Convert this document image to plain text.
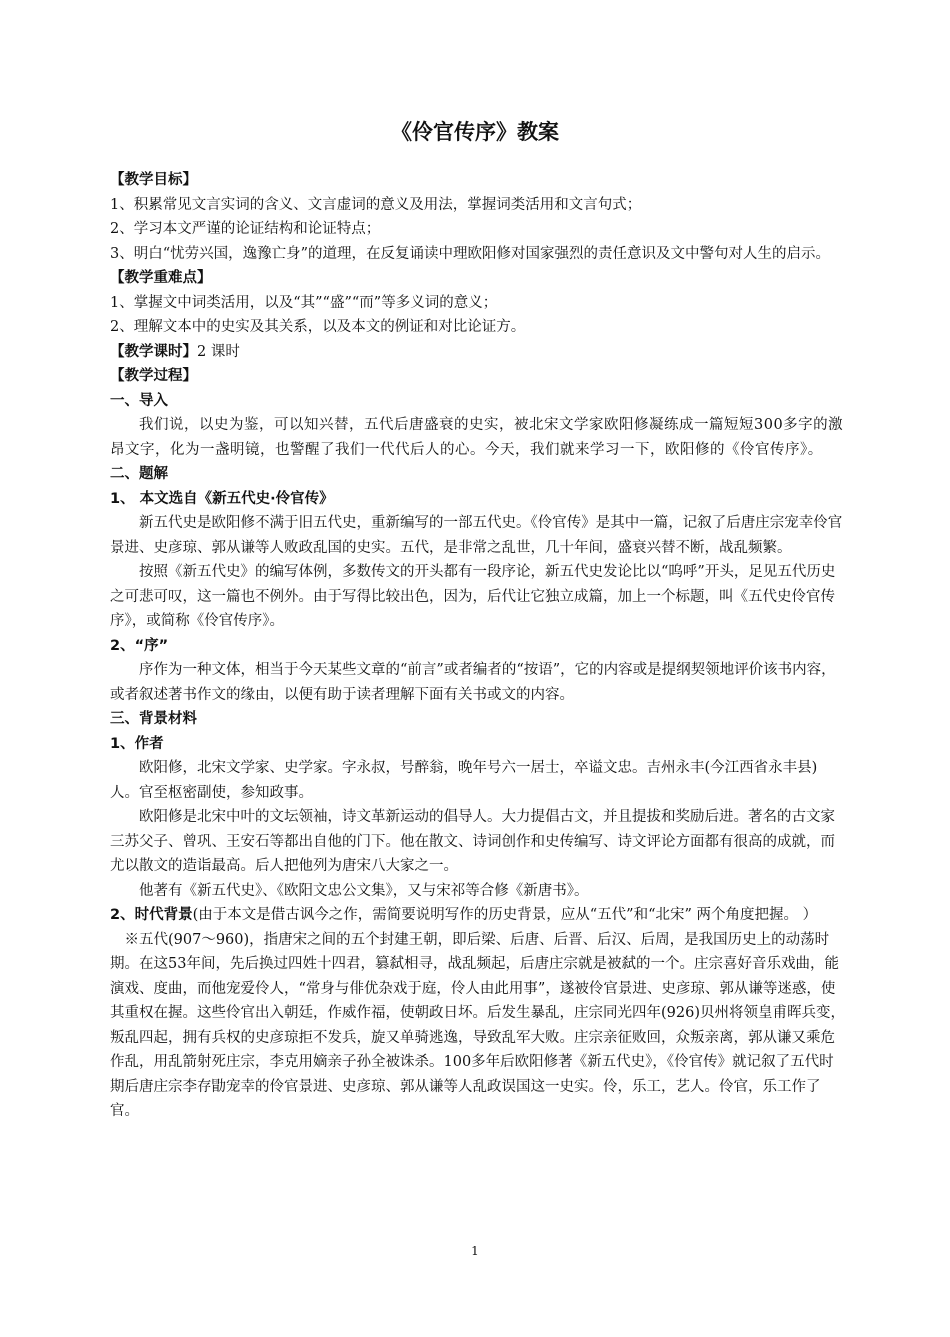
《伶官传序》教案

【教学目标】

1、积累常见文言实词的含义、文言虚词的意义及用法，掌握词类活用和文言句式；

2、学习本文严谨的论证结构和论证特点；

3、明白“忧劳兴国，逸豫亡身”的道理，在反复诵读中理欧阳修对国家强烈的责任意识及文中警句对人生的启示。

【教学重难点】

1、掌握文中词类活用，以及“其”“盛”“而”等多义词的意义；

2、理解文本中的史实及其关系，以及本文的例证和对比论证方。

【教学课时】2 课时

【教学过程】

一、导入

我们说，以史为鉴，可以知兴替，五代后唐盛衰的史实，被北宋文学家欧阳修凝练成一篇短短300多字的激昂文字，化为一盏明镜，也警醒了我们一代代后人的心。今天，我们就来学习一下，欧阳修的《伶官传序》。

二、题解

1、 本文选自《新五代史·伶官传》

新五代史是欧阳修不满于旧五代史，重新编写的一部五代史。《伶官传》是其中一篇，记叙了后唐庄宗宠幸伶官景进、史彦琼、郭从谦等人败政乱国的史实。五代，是非常之乱世，几十年间，盛衰兴替不断，战乱频繁。

按照《新五代史》的编写体例，多数传文的开头都有一段序论，新五代史发论比以“呜呼”开头，足见五代历史之可悲可叹，这一篇也不例外。由于写得比较出色，因为，后代让它独立成篇，加上一个标题，叫《五代史伶官传序》，或简称《伶官传序》。

2、“序”

序作为一种文体，相当于今天某些文章的“前言”或者编者的“按语”，它的内容或是提纲契领地评价该书内容，或者叙述著书作文的缘由，以便有助于读者理解下面有关书或文的内容。

三、背景材料

1、作者

欧阳修，北宋文学家、史学家。字永叔，号醉翁，晚年号六一居士，卒谥文忠。吉州永丰(今江西省永丰县)人。官至枢密副使，参知政事。

欧阳修是北宋中叶的文坛领袖，诗文革新运动的倡导人。大力提倡古文，并且提拔和奖励后进。著名的古文家三苏父子、曾巩、王安石等都出自他的门下。他在散文、诗词创作和史传编写、诗文评论方面都有很高的成就，而尤以散文的造诣最高。后人把他列为唐宋八大家之一。

他著有《新五代史》、《欧阳文忠公文集》，又与宋祁等合修《新唐书》。

2、时代背景(由于本文是借古讽今之作，需简要说明写作的历史背景，应从“五代”和“北宋” 两个角度把握。 ）

※五代(907～960)，指唐宋之间的五个封建王朝，即后梁、后唐、后晋、后汉、后周，是我国历史上的动荡时期。在这53年间，先后换过四姓十四君，篡弑相寻，战乱频起，后唐庄宗就是被弑的一个。庄宗喜好音乐戏曲，能演戏、度曲，而他宠爱伶人，“常身与俳优杂戏于庭，伶人由此用事”，遂被伶官景进、史彦琼、郭从谦等迷惑，使其重权在握。这些伶官出入朝廷，作威作福，使朝政日坏。后发生暴乱，庄宗同光四年(926)贝州将领皇甫晖兵变，叛乱四起，拥有兵权的史彦琼拒不发兵，旋又单骑逃逸，导致乱军大败。庄宗亲征败回，众叛亲离，郭从谦又乘危作乱，用乱箭射死庄宗，李克用嫡亲子孙全被诛杀。100多年后欧阳修著《新五代史》，《伶官传》就记叙了五代时期后唐庄宗李存勖宠幸的伶官景进、史彦琼、郭从谦等人乱政误国这一史实。伶，乐工，艺人。伶官，乐工作了官。

1
